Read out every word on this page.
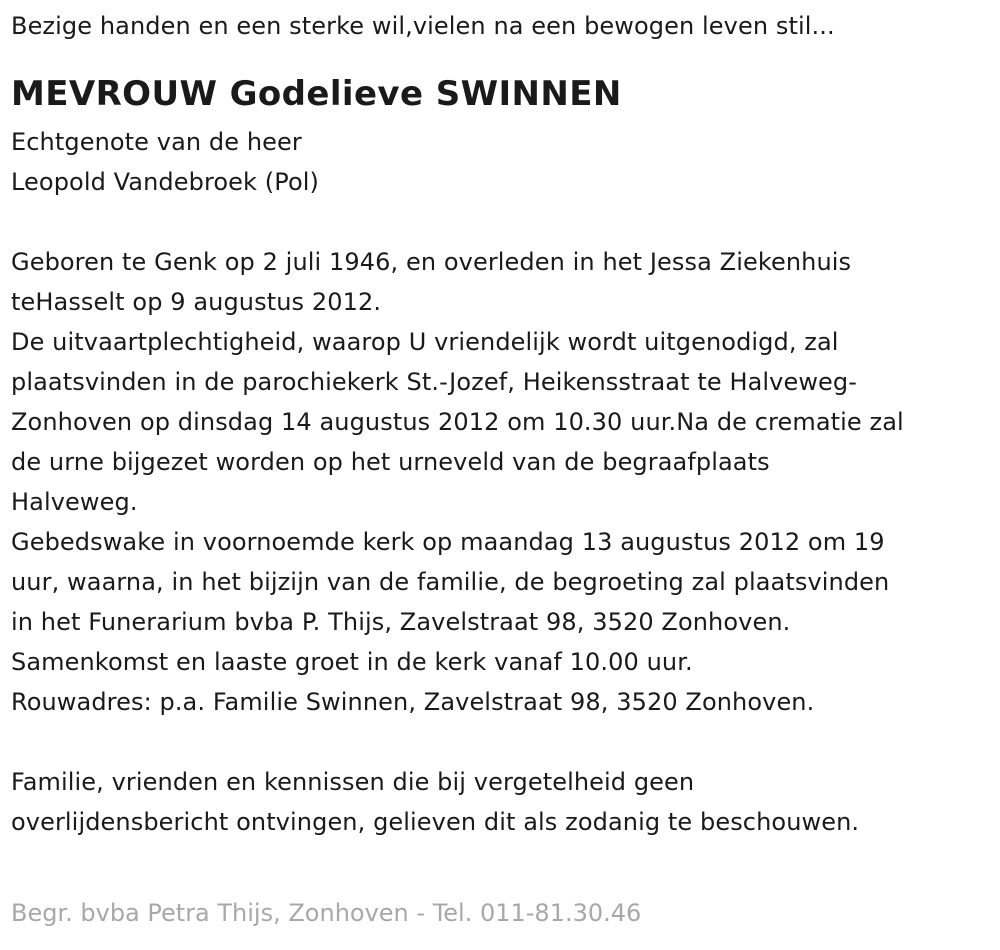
Bezige handen en een sterke wil,vielen na een bewogen leven stil...
MEVROUW Godelieve SWINNEN
Echtgenote van de heer
Leopold Vandebroek (Pol)
Geboren te Genk op 2 juli 1946, en overleden in het Jessa Ziekenhuis
teHasselt op 9 augustus 2012.
De uitvaartplechtigheid, waarop U vriendelijk wordt uitgenodigd, zal
plaatsvinden in de parochiekerk St.-Jozef, Heikensstraat te Halveweg-
Zonhoven op dinsdag 14 augustus 2012 om 10.30 uur.Na de crematie zal
de urne bijgezet worden op het urneveld van de begraafplaats
Halveweg.
Gebedswake in voornoemde kerk op maandag 13 augustus 2012 om 19
uur, waarna, in het bijzijn van de familie, de begroeting zal plaatsvinden
in het Funerarium bvba P. Thijs, Zavelstraat 98, 3520 Zonhoven.
Samenkomst en laaste groet in de kerk vanaf 10.00 uur.
Rouwadres: p.a. Familie Swinnen, Zavelstraat 98, 3520 Zonhoven.
Familie, vrienden en kennissen die bij vergetelheid geen
overlijdensbericht ontvingen, gelieven dit als zodanig te beschouwen.
Begr. bvba Petra Thijs, Zonhoven - Tel. 011-81.30.46
